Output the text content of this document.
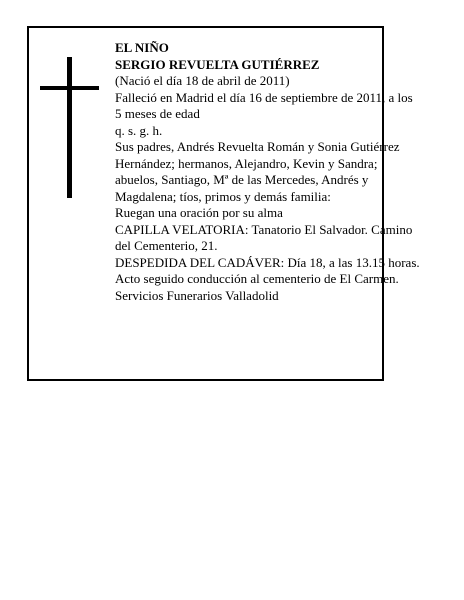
EL NIÑO
SERGIO REVUELTA GUTIÉRREZ
(Nació el día 18 de abril de 2011)
Falleció en Madrid el día 16 de septiembre de 2011, a los 5 meses de edad
q. s. g. h.
Sus padres, Andrés Revuelta Román y Sonia Gutiérrez Hernández; hermanos, Alejandro, Kevin y Sandra; abuelos, Santiago, Mª de las Mercedes, Andrés y Magdalena; tíos, primos y demás familia:
Ruegan una oración por su alma
CAPILLA VELATORIA: Tanatorio El Salvador. Camino del Cementerio, 21.
DESPEDIDA DEL CADÁVER: Día 18, a las 13.15 horas. Acto seguido conducción al cementerio de El Carmen.
Servicios Funerarios Valladolid
